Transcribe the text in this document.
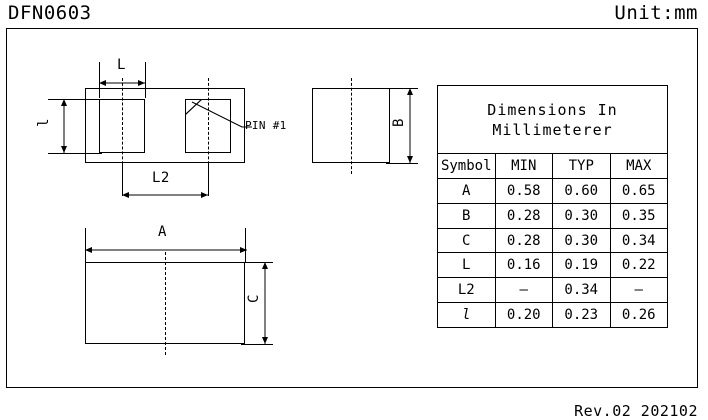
DFN0603	Unit:mm
PIN #1
L
l
L2
B
A
C
Dimensions In
Millimeterer			

Symbol	MIN	TYP	MAX
A	0.58	0.60	0.65
B	0.28	0.30	0.35
C	0.28	0.30	0.34
L	0.16	0.19	0.22
L2	–	0.34	–
l	0.20	0.23	0.26
Rev.02 202102
